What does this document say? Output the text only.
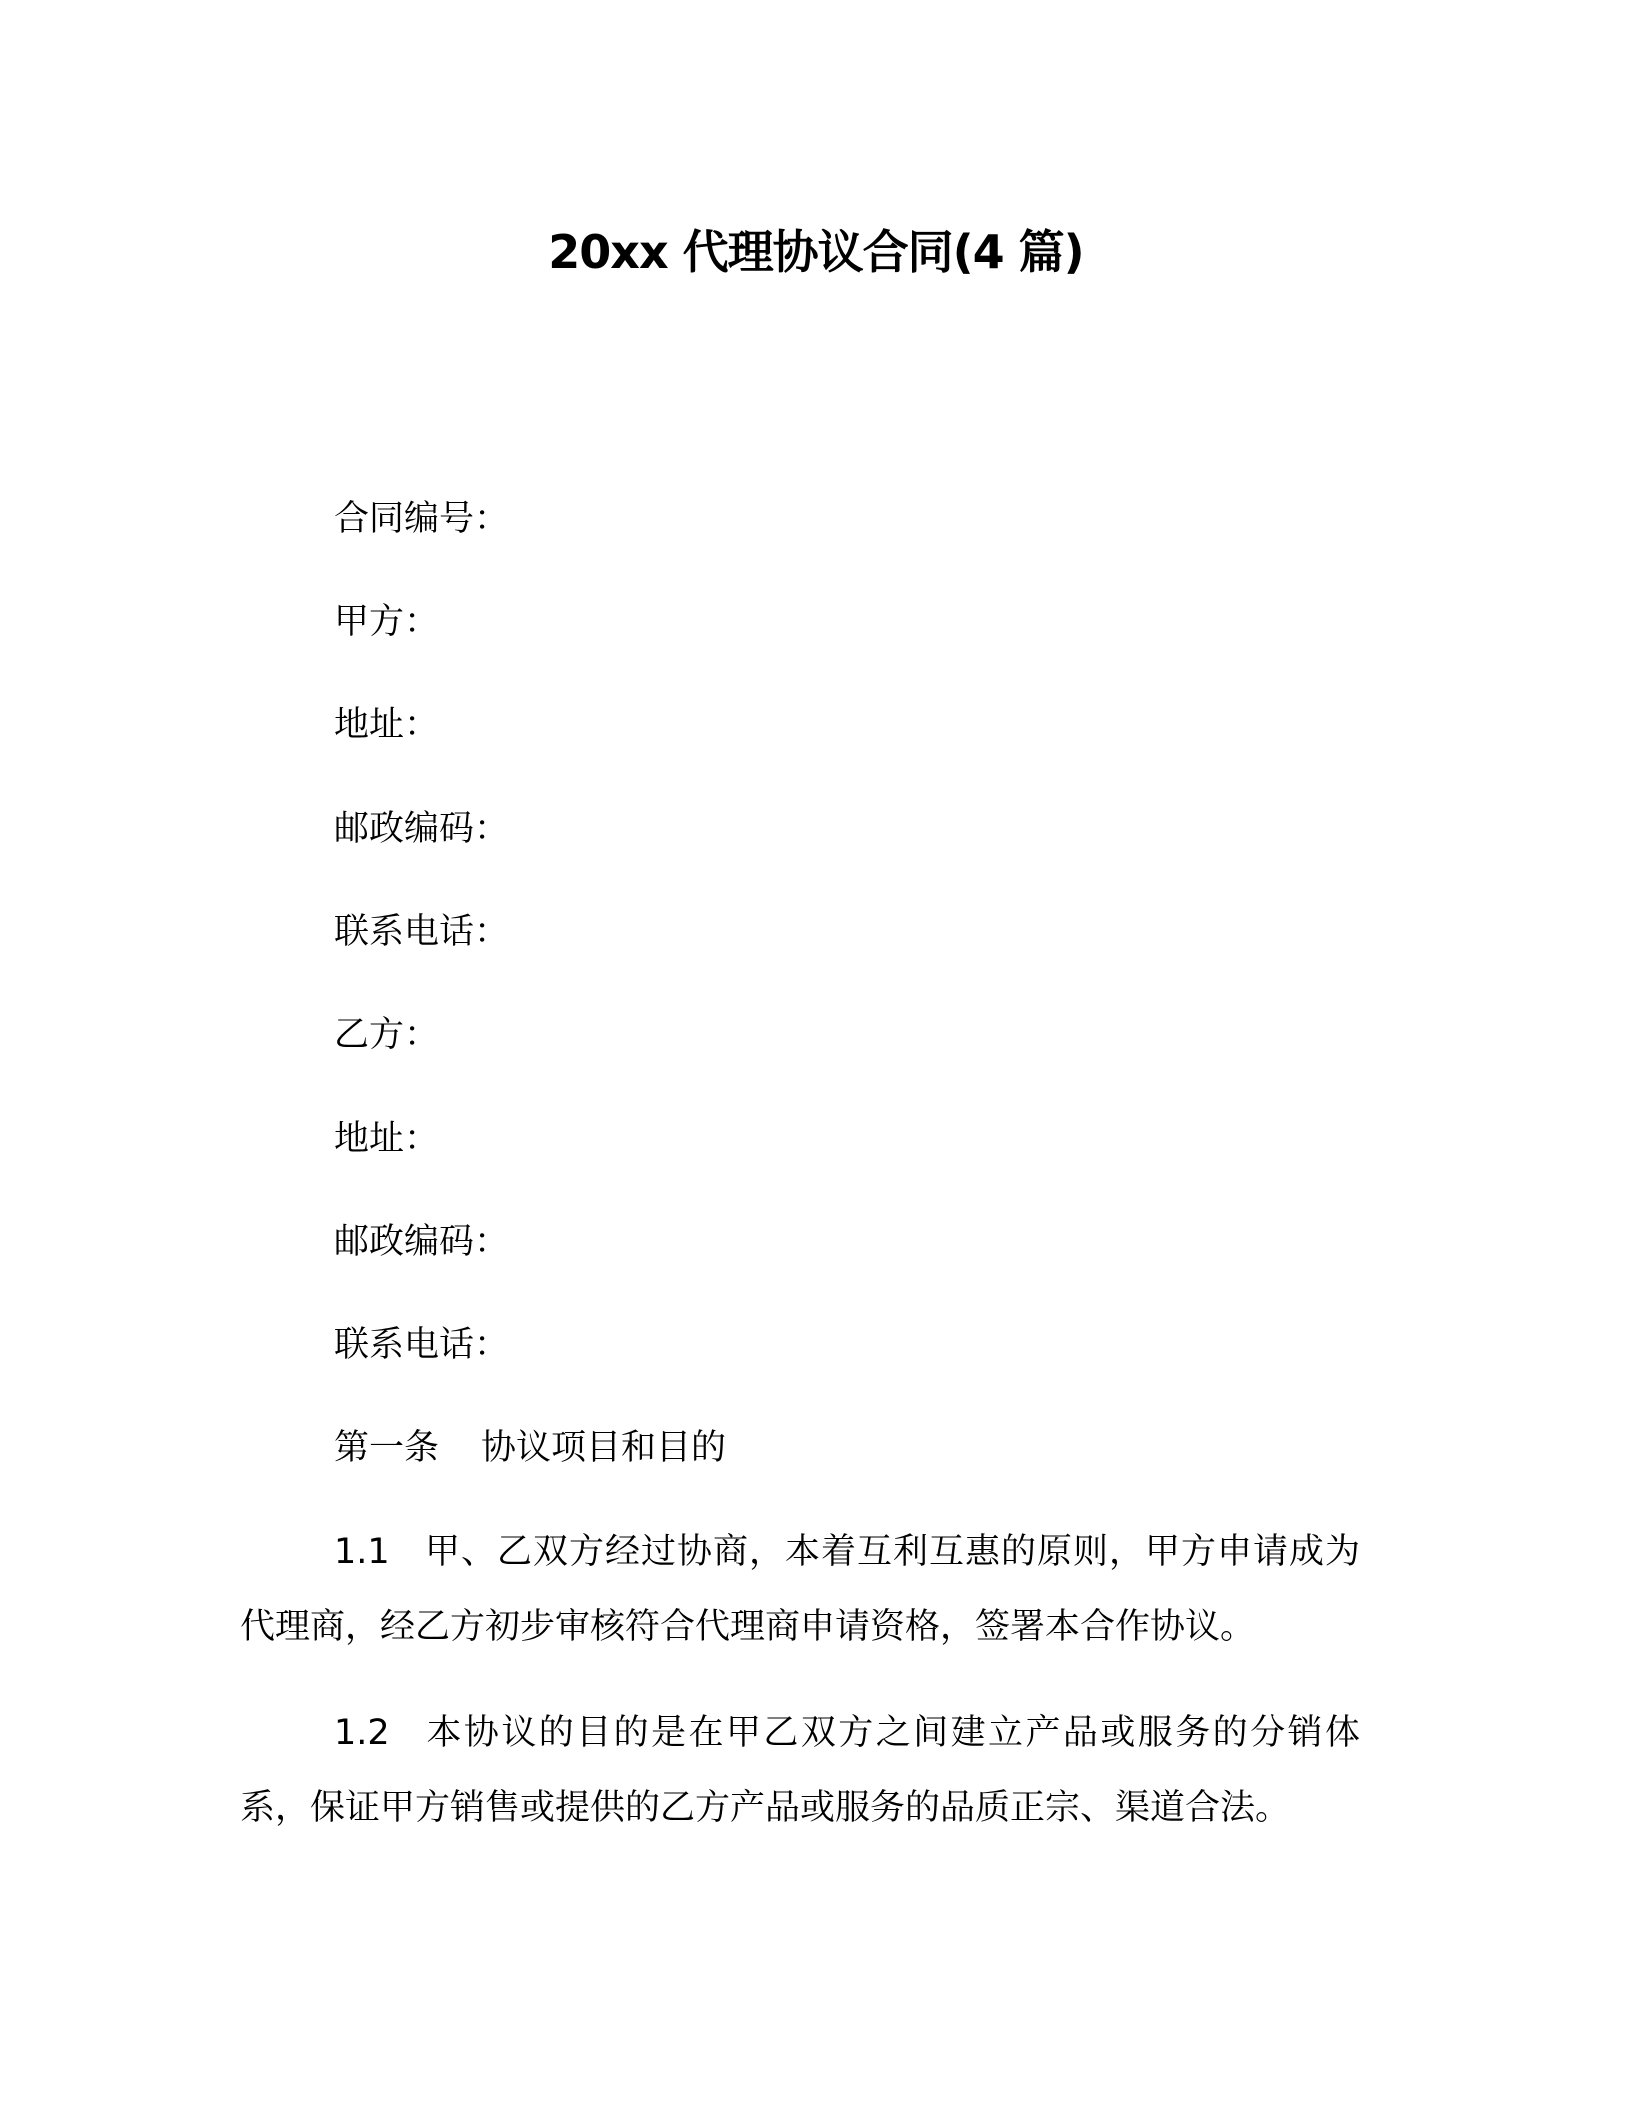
20xx 代理协议合同(4 篇)
合同编号：
甲方：
地址：
邮政编码：
联系电话：
乙方：
地址：
邮政编码：
联系电话：
第一条 协议项目和目的
1.1 甲、乙双方经过协商，本着互利互惠的原则，甲方申请成为 代理商，经乙方初步审核符合代理商申请资格，签署本合作协议。
1.2 本协议的目的是在甲乙双方之间建立产品或服务的分销体系，保证甲方销售或提供的乙方产品或服务的品质正宗、渠道合法。
